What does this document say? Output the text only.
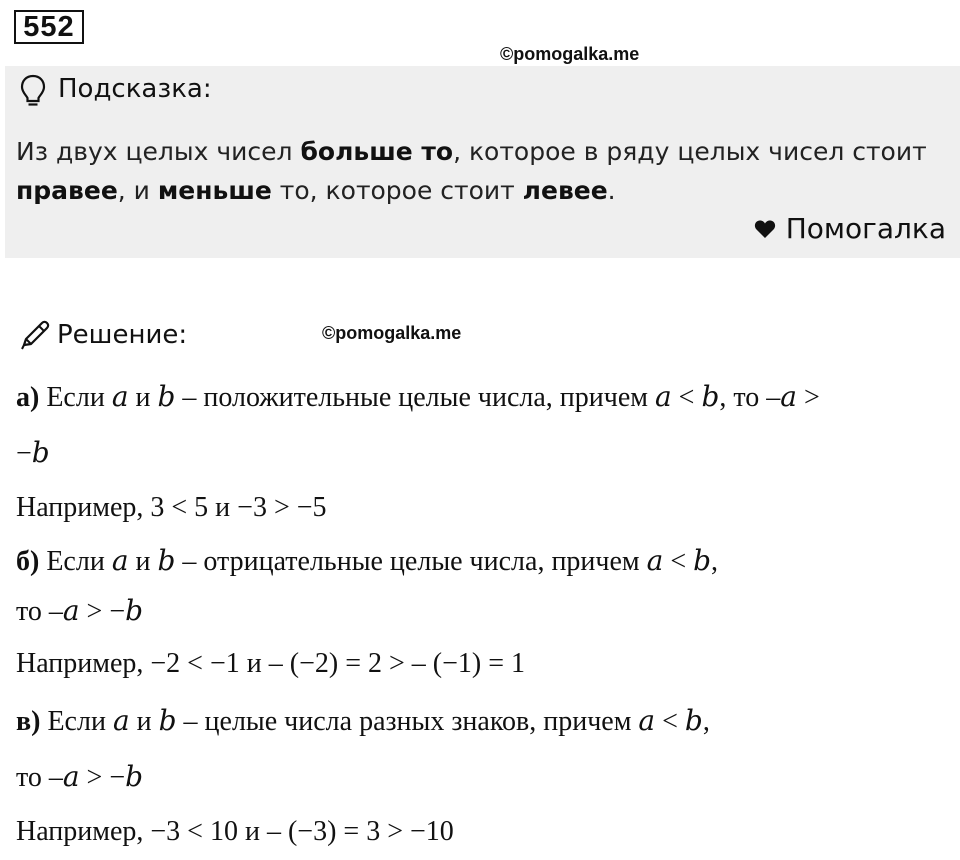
552
©pomogalka.me
Подсказка:
Из двух целых чисел больше то, которое в ряду целых чисел стоит
правее, и меньше то, которое стоит левее.
Помогалка
Решение:	©pomogalka.me
а) Если 𝑎 и 𝑏 – положительные целые числа, причем 𝑎 < 𝑏, то –𝑎 >
−𝑏
Например, 3 < 5 и −3 > −5
б) Если 𝑎 и 𝑏 – отрицательные целые числа, причем 𝑎 < 𝑏,
то –𝑎 > −𝑏
Например, −2 < −1 и – (−2) = 2 > – (−1) = 1
в) Если 𝑎 и 𝑏 – целые числа разных знаков, причем 𝑎 < 𝑏,
то –𝑎 > −𝑏
Например, −3 < 10 и – (−3) = 3 > −10
